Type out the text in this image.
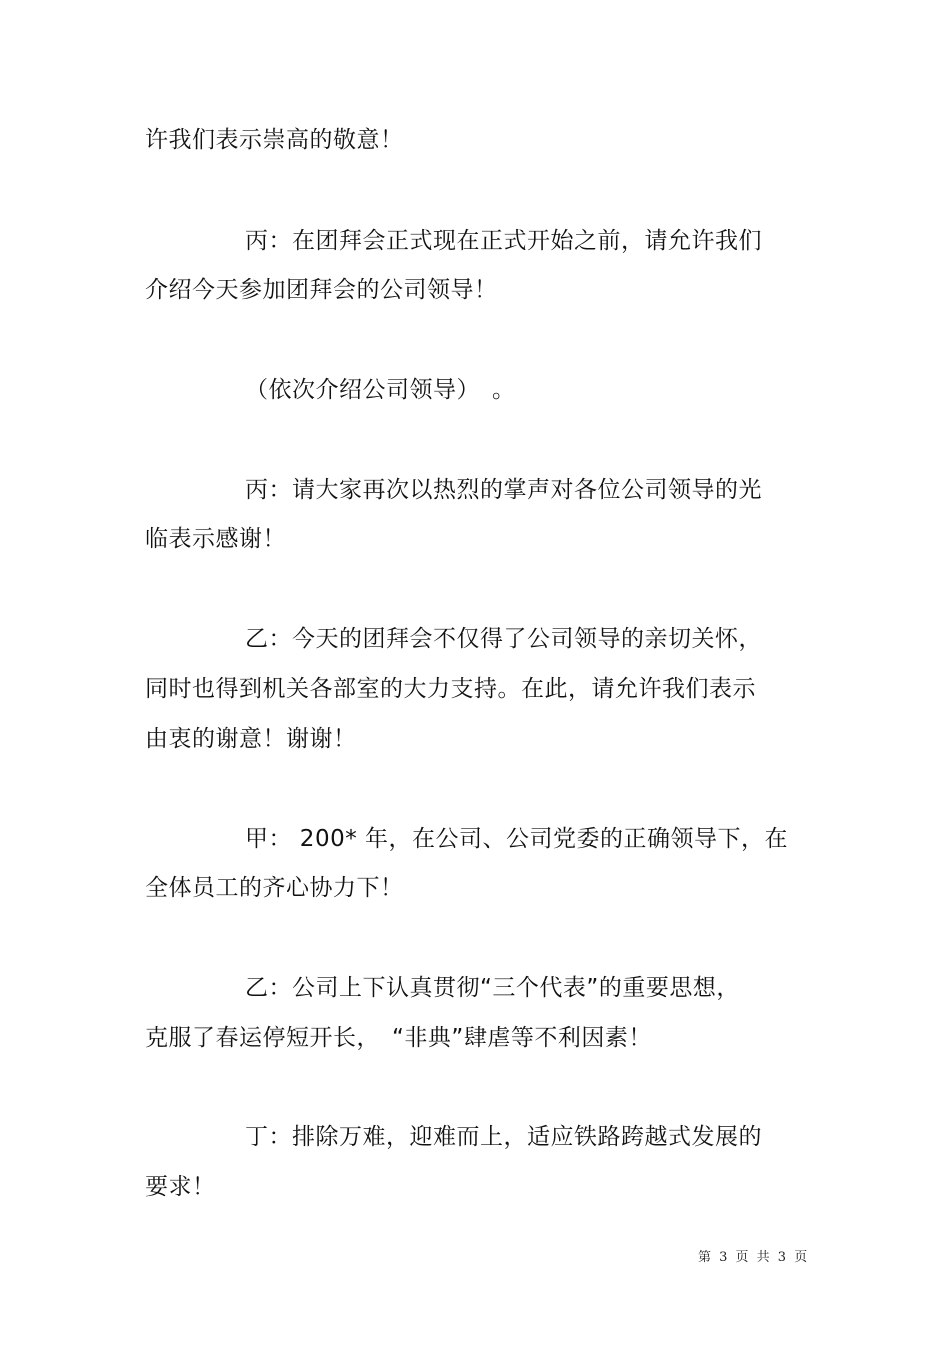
许我们表示崇高的敬意！
丙：在团拜会正式现在正式开始之前，请允许我们
介绍今天参加团拜会的公司领导！
（依次介绍公司领导）　。
丙：请大家再次以热烈的掌声对各位公司领导的光
临表示感谢！
乙：今天的团拜会不仅得了公司领导的亲切关怀，
同时也得到机关各部室的大力支持。在此，请允许我们表示
由衷的谢意！谢谢！
甲： 200* 年，在公司、公司党委的正确领导下，在
全体员工的齐心协力下！
乙：公司上下认真贯彻“三个代表”的重要思想，
克服了春运停短开长，　“非典”肆虐等不利因素！
丁：排除万难，迎难而上，适应铁路跨越式发展的
要求！
第 3 页 共 3 页
